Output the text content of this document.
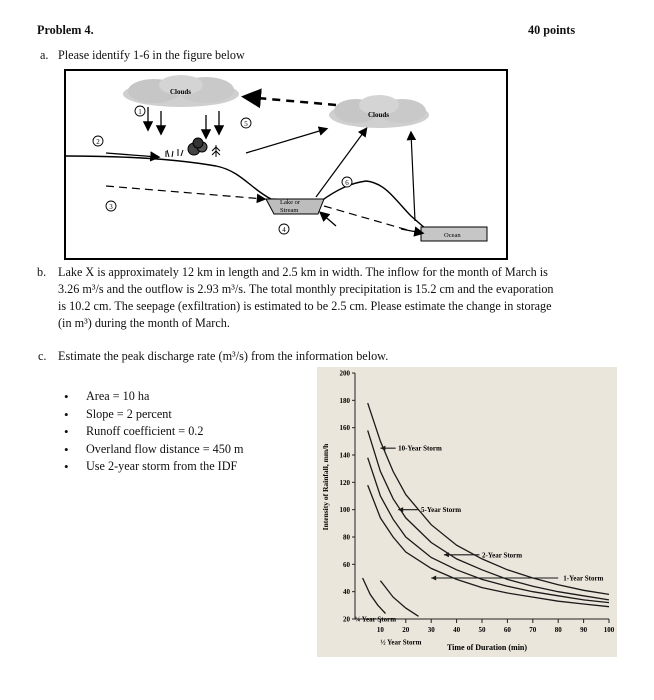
Problem 4.	40 points
a. Please identify 1-6 in the figure below
Clouds
Clouds
Lake or
Stream
Ocean
1
2
3
4
5
6
b. Lake X is approximately 12 km in length and 2.5 km in width. The inflow for the month of March is
3.26 m³/s and the outflow is 2.93 m³/s. The total monthly precipitation is 15.2 cm and the evaporation
is 10.2 cm. The seepage (exfiltration) is estimated to be 2.5 cm. Please estimate the change in storage
(in m³) during the month of March.
c. Estimate the peak discharge rate (m³/s) from the information below.
• Area = 10 ha
• Slope = 2 percent
• Runoff coefficient = 0.2
• Overland flow distance = 450 m
• Use 2-year storm from the IDF	Intensity of Rainfall, mm/h
Time of Duration (min)
20
40
60
80
100
120
140
160
180
200
10	20	30	40	50	60	70	80	90 100
10-Year Storm
5-Year Storm
2-Year Storm
1-Year Storm
¼ Year Storm
½ Year Storm
